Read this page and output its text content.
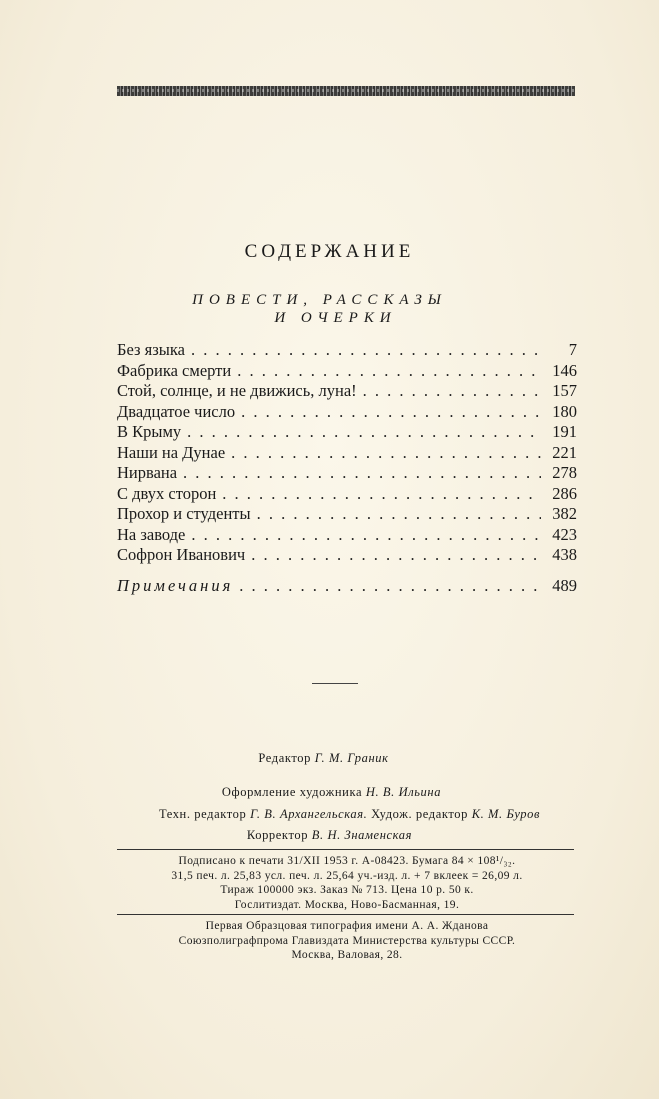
СОДЕРЖАНИЕ
ПОВЕСТИ, РАССКАЗЫ
И ОЧЕРКИ
Без языка . . .	7
Фабрика смерти . . .	146
Стой, солнце, и не движись, луна! . . .	157
Двадцатое число . . .	180
В Крыму . . .	191
Наши на Дунае . . .	221
Нирвана . . .	278
С двух сторон . . .	286
Прохор и студенты . . .	382
На заводе . . .	423
Софрон Иванович . . .	438
Примечания . . .	489
Редактор Г. М. Граник
Оформление художника Н. В. Ильина
Техн. редактор Г. В. Архангельская. Худож. редактор К. М. Буров
Корректор В. Н. Знаменская
Подписано к печати 31/XII 1953 г. А-08423. Бумага 84 × 108¹/₃₂.
31,5 печ. л. 25,83 усл. печ. л. 25,64 уч.-изд. л. + 7 вклеек = 26,09 л.
Тираж 100000 экз. Заказ № 713. Цена 10 р. 50 к.
Гослитиздат. Москва, Ново-Басманная, 19.
Первая Образцовая типография имени А. А. Жданова
Союзполиграфпрома Главиздата Министерства культуры СССР.
Москва, Валовая, 28.
